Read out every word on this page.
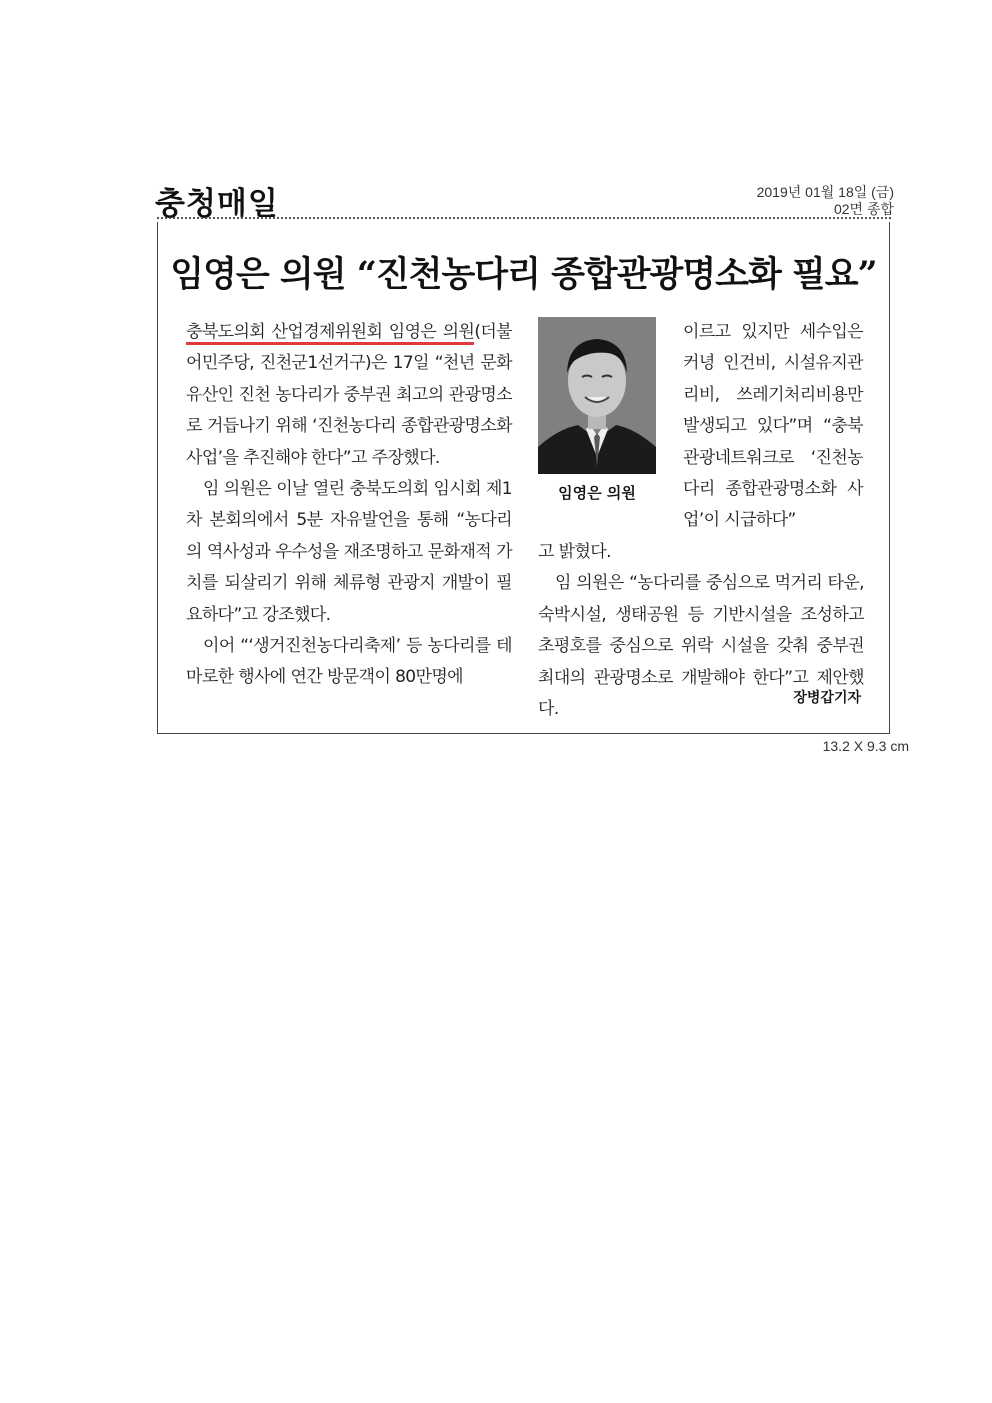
충청매일	2019년 01월 18일 (금)
02면 종합
임영은 의원 “진천농다리 종합관광명소화 필요”

충북도의회 산업경제위원회 임영은 의원(더불어민주당, 진천군1선거구)은 17일 “천년 문화유산인 진천 농다리가 중부권 최고의 관광명소로 거듭나기 위해 ‘진천농다리 종합관광명소화 사업’을 추진해야 한다”고 주장했다.

임 의원은 이날 열린 충북도의회 임시회 제1차 본회의에서 5분 자유발언을 통해 “농다리의 역사성과 우수성을 재조명하고 문화재적 가치를 되살리기 위해 체류형 관광지 개발이 필요하다”고 강조했다.

이어 “‘생거진천농다리축제’ 등 농다리를 테마로한 행사에 연간 방문객이 80만명에

임영은 의원

이르고 있지만 세수입은 커녕 인건비, 시설유지관리비, 쓰레기처리비용만 발생되고 있다”며 “충북 관광네트워크로 ‘진천농다리 종합관광명소화 사업’이 시급하다”

고 밝혔다.

임 의원은 “농다리를 중심으로 먹거리 타운, 숙박시설, 생태공원 등 기반시설을 조성하고 초평호를 중심으로 위락 시설을 갖춰 중부권 최대의 관광명소로 개발해야 한다”고 제안했다.

장병갑기자
13.2 X 9.3 cm
